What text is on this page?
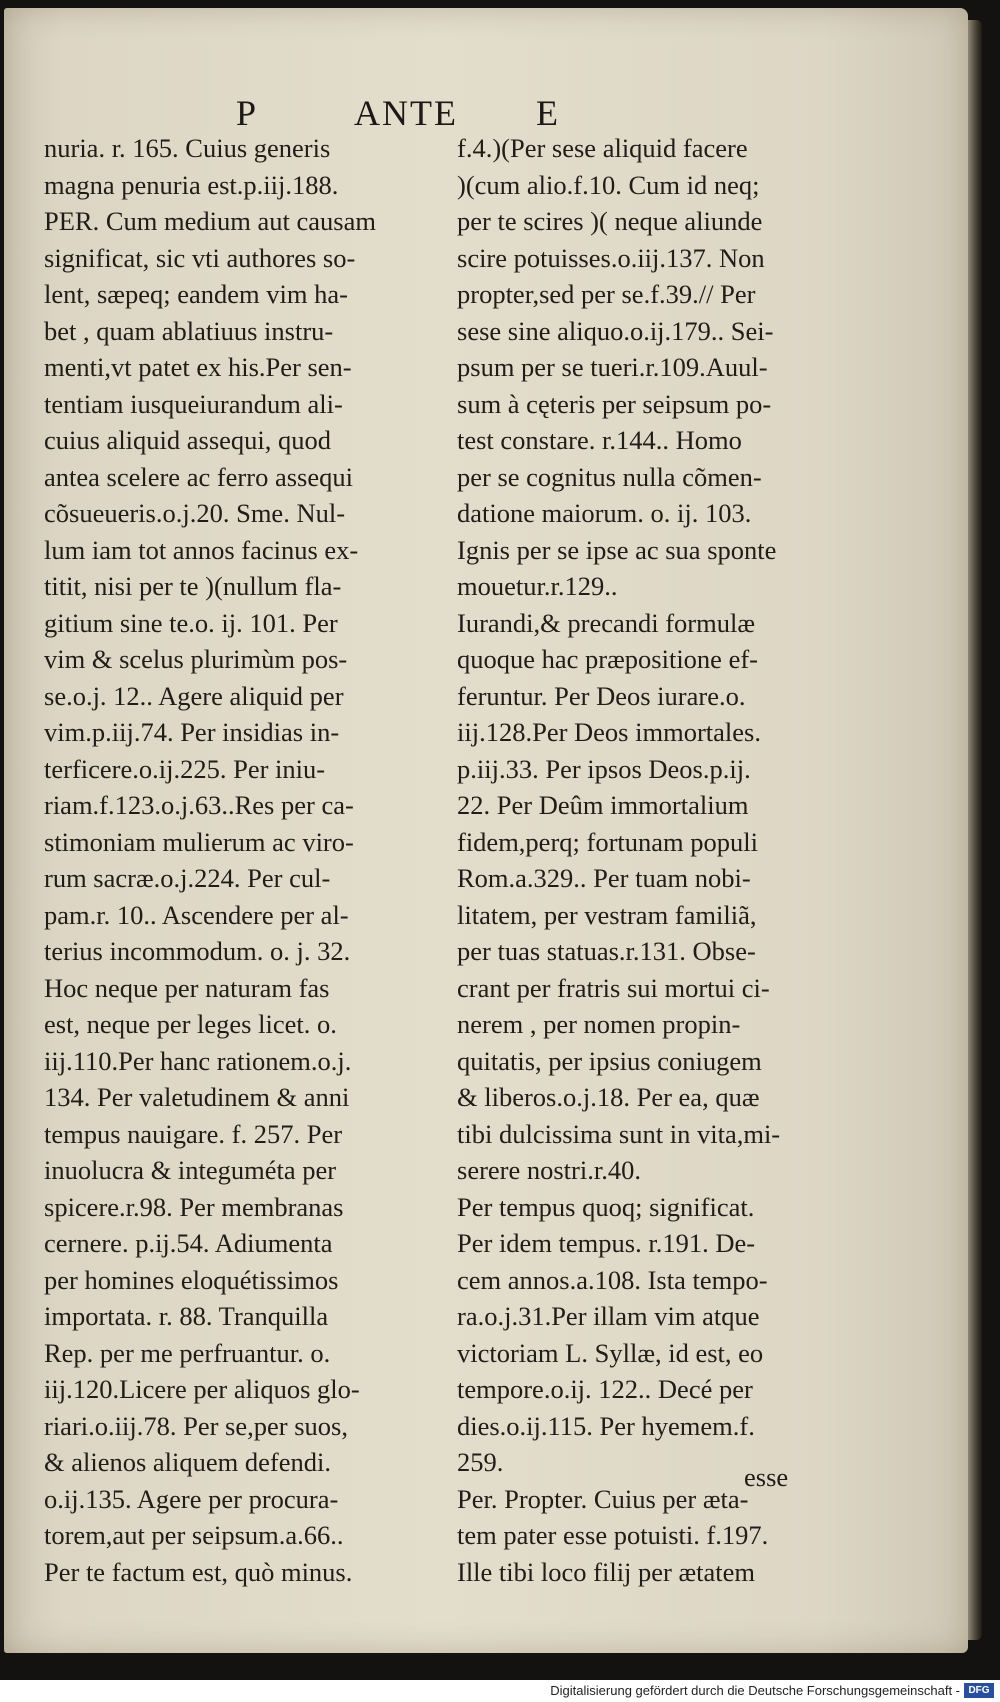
P	ANTE E
nuria. r. 165. Cuius generis
magna penuria est.p.iij.188.
PER. Cum medium aut causam
significat, sic vti authores so-
lent, sæpeq; eandem vim ha-
bet , quam ablatiuus instru-
menti,vt patet ex his.Per sen-
tentiam iusqueiurandum ali-
cuius aliquid assequi, quod
antea scelere ac ferro assequi
cõsueueris.o.j.20. Sme. Nul-
lum iam tot annos facinus ex-
titit, nisi per te )(nullum fla-
gitium sine te.o. ij. 101. Per
vim & scelus plurimùm pos-
se.o.j. 12.. Agere aliquid per
vim.p.iij.74. Per insidias in-
terficere.o.ij.225. Per iniu-
riam.f.123.o.j.63..Res per ca-
stimoniam mulierum ac viro-
rum sacræ.o.j.224. Per cul-
pam.r. 10.. Ascendere per al-
terius incommodum. o. j. 32.
Hoc neque per naturam fas
est, neque per leges licet. o.
iij.110.Per hanc rationem.o.j.
134. Per valetudinem & anni
tempus nauigare. f. 257. Per
inuolucra & integuméta per
spicere.r.98. Per membranas
cernere. p.ij.54. Adiumenta
per homines eloquétissimos
importata. r. 88. Tranquilla
Rep. per me perfruantur. o.
iij.120.Licere per aliquos glo-
riari.o.iij.78. Per se,per suos,
& alienos aliquem defendi.
o.ij.135. Agere per procura-
torem,aut per seipsum.a.66..
Per te factum est, quò minus.
f.4.)(Per sese aliquid facere
)(cum alio.f.10. Cum id neq;
per te scires )( neque aliunde
scire potuisses.o.iij.137. Non
propter,sed per se.f.39.// Per
sese sine aliquo.o.ij.179.. Sei-
psum per se tueri.r.109.Auul-
sum à cęteris per seipsum po-
test constare. r.144.. Homo
per se cognitus nulla cõmen-
datione maiorum. o. ij. 103.
Ignis per se ipse ac sua sponte
mouetur.r.129..
Iurandi,& precandi formulæ
quoque hac præpositione ef-
feruntur. Per Deos iurare.o.
iij.128.Per Deos immortales.
p.iij.33. Per ipsos Deos.p.ij.
22. Per Deûm immortalium
fidem,perq; fortunam populi
Rom.a.329.. Per tuam nobi-
litatem, per vestram familiã,
per tuas statuas.r.131. Obse-
crant per fratris sui mortui ci-
nerem , per nomen propin-
quitatis, per ipsius coniugem
& liberos.o.j.18. Per ea, quæ
tibi dulcissima sunt in vita,mi-
serere nostri.r.40.
Per tempus quoq; significat.
Per idem tempus. r.191. De-
cem annos.a.108. Ista tempo-
ra.o.j.31.Per illam vim atque
victoriam L. Syllæ, id est, eo
tempore.o.ij. 122.. Decé per
dies.o.ij.115. Per hyemem.f.
259.
Per. Propter. Cuius per æta-
tem pater esse potuisti. f.197.
Ille tibi loco filij per ætatem
esse
Digitalisierung gefördert durch die Deutsche Forschungsgemeinschaft - DFG
